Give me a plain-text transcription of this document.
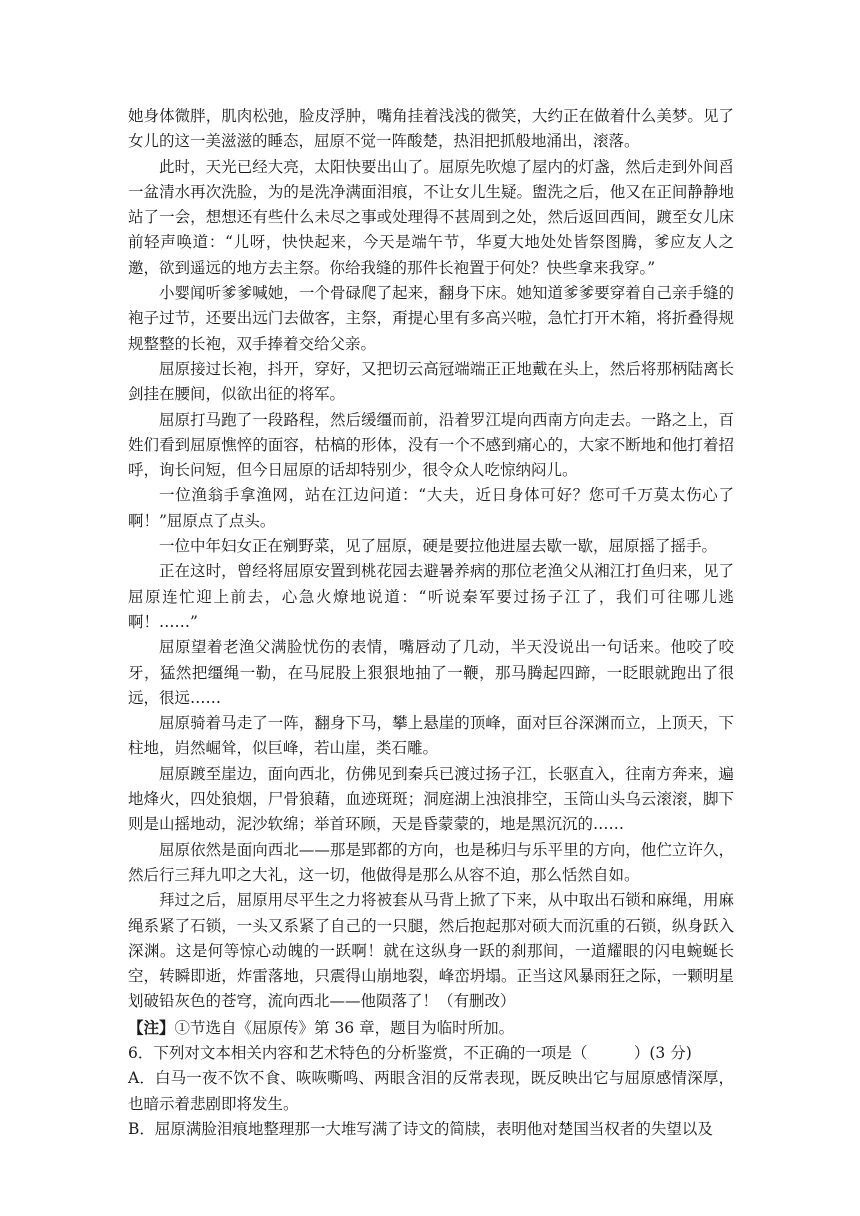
她身体微胖，肌肉松弛，脸皮浮肿，嘴角挂着浅浅的微笑，大约正在做着什么美梦。见了女儿的这一美滋滋的睡态，屈原不觉一阵酸楚，热泪把抓般地涌出，滚落。

此时，天光已经大亮，太阳快要出山了。屈原先吹熄了屋内的灯盏，然后走到外间舀一盆清水再次洗脸，为的是洗净满面泪痕，不让女儿生疑。盥洗之后，他又在正间静静地站了一会，想想还有些什么未尽之事或处理得不甚周到之处，然后返回西间，踱至女儿床前轻声唤道：“儿呀，快快起来，今天是端午节，华夏大地处处皆祭图腾，爹应友人之邀，欲到遥远的地方去主祭。你给我缝的那件长袍置于何处？快些拿来我穿。”

小婴闻听爹爹喊她，一个骨碌爬了起来，翻身下床。她知道爹爹要穿着自己亲手缝的袍子过节，还要出远门去做客，主祭，甭提心里有多高兴啦，急忙打开木箱，将折叠得规规整整的长袍，双手捧着交给父亲。

屈原接过长袍，抖开，穿好，又把切云高冠端端正正地戴在头上，然后将那柄陆离长剑挂在腰间，似欲出征的将军。

屈原打马跑了一段路程，然后缓缰而前，沿着罗江堤向西南方向走去。一路之上，百姓们看到屈原憔悴的面容，枯槁的形体，没有一个不感到痛心的，大家不断地和他打着招呼，询长问短，但今日屈原的话却特别少，很令众人吃惊纳闷儿。

一位渔翁手拿渔网，站在江边问道：“大夫，近日身体可好？您可千万莫太伤心了啊！”屈原点了点头。

一位中年妇女正在剜野菜，见了屈原，硬是要拉他进屋去歇一歇，屈原摇了摇手。

正在这时，曾经将屈原安置到桃花园去避暑养病的那位老渔父从湘江打鱼归来，见了屈原连忙迎上前去，心急火燎地说道：“听说秦军要过扬子江了，我们可往哪儿逃啊！……”

屈原望着老渔父满脸忧伤的表情，嘴唇动了几动，半天没说出一句话来。他咬了咬牙，猛然把缰绳一勒，在马屁股上狠狠地抽了一鞭，那马腾起四蹄，一眨眼就跑出了很远，很远……

屈原骑着马走了一阵，翻身下马，攀上悬崖的顶峰，面对巨谷深渊而立，上顶天，下柱地，岿然崛耸，似巨峰，若山崖，类石雕。

屈原踱至崖边，面向西北，仿佛见到秦兵已渡过扬子江，长驱直入，往南方奔来，遍地烽火，四处狼烟，尸骨狼藉，血迹斑斑；洞庭湖上浊浪排空，玉筒山头乌云滚滚，脚下则是山摇地动，泥沙软绵；举首环顾，天是昏蒙蒙的，地是黑沉沉的……

屈原依然是面向西北——那是郢都的方向，也是秭归与乐平里的方向，他伫立许久，然后行三拜九叩之大礼，这一切，他做得是那么从容不迫，那么恬然自如。

拜过之后，屈原用尽平生之力将被套从马背上掀了下来，从中取出石锁和麻绳，用麻绳系紧了石锁，一头又系紧了自己的一只腿，然后抱起那对硕大而沉重的石锁，纵身跃入深渊。这是何等惊心动魄的一跃啊！就在这纵身一跃的刹那间，一道耀眼的闪电蜿蜒长空，转瞬即逝，炸雷落地，只震得山崩地裂，峰峦坍塌。正当这风暴雨狂之际，一颗明星划破铅灰色的苍穹，流向西北——他陨落了！（有删改）

【注】①节选自《屈原传》第 36 章，题目为临时所加。

6．下列对文本相关内容和艺术特色的分析鉴赏，不正确的一项是（　　　）(3 分)

A．白马一夜不饮不食、咴咴嘶鸣、两眼含泪的反常表现，既反映出它与屈原感情深厚，也暗示着悲剧即将发生。

B．屈原满脸泪痕地整理那一大堆写满了诗文的简牍，表明他对楚国当权者的失望以及
